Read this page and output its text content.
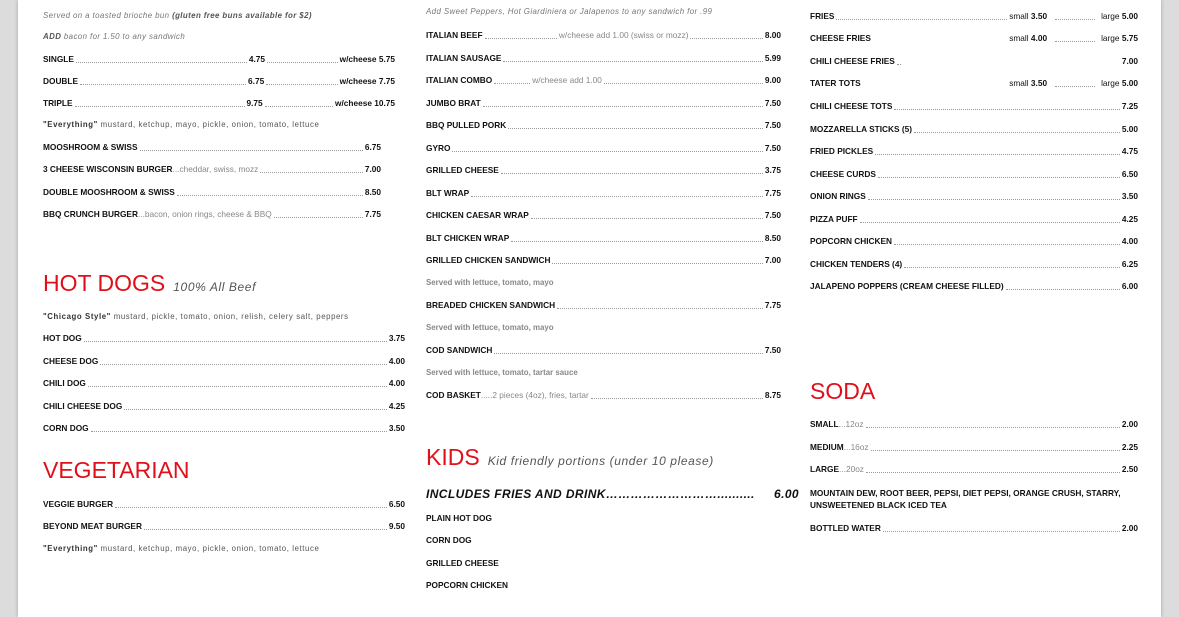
Served on a toasted brioche bun (gluten free buns available for $2)
ADD bacon for 1.50 to any sandwich
SINGLE	4.75	w/cheese 5.75
DOUBLE	6.75	w/cheese 7.75
TRIPLE	9.75	w/cheese 10.75
"Everything" mustard, ketchup, mayo, pickle, onion, tomato, lettuce
MOOSHROOM & SWISS	6.75
3 CHEESE WISCONSIN BURGER ...cheddar, swiss, mozz	7.00
DOUBLE MOOSHROOM & SWISS	8.50
BBQ CRUNCH BURGER ...bacon, onion rings, cheese & BBQ	7.75
HOT DOGS 100% All Beef
"Chicago Style" mustard, pickle, tomato, onion, relish, celery salt, peppers
HOT DOG	3.75
CHEESE DOG	4.00
CHILI DOG	4.00
CHILI CHEESE DOG	4.25
CORN DOG	3.50
VEGETARIAN
VEGGIE BURGER	6.50
BEYOND MEAT BURGER	9.50
"Everything" mustard, ketchup, mayo, pickle, onion, tomato, lettuce
Add Sweet Peppers, Hot Giardiniera or Jalapenos to any sandwich for .99
ITALIAN BEEF	w/cheese add 1.00 (swiss or mozz)	8.00
ITALIAN SAUSAGE	5.99
ITALIAN COMBO	w/cheese add 1.00	9.00
JUMBO BRAT	7.50
BBQ PULLED PORK	7.50
GYRO	7.50
GRILLED CHEESE	3.75
BLT WRAP	7.75
CHICKEN CAESAR WRAP	7.50
BLT CHICKEN WRAP	8.50
GRILLED CHICKEN SANDWICH	7.00
Served with lettuce, tomato, mayo
BREADED CHICKEN SANDWICH	7.75
Served with lettuce, tomato, mayo
COD SANDWICH	7.50
Served with lettuce, tomato, tartar sauce
COD BASKET .....2 pieces (4oz), fries, tartar	8.75
KIDS Kid friendly portions (under 10 please)
INCLUDES FRIES AND DRINK……………………….......... 6.00
PLAIN HOT DOG
CORN DOG
GRILLED CHEESE
POPCORN CHICKEN
FRIES	small 3.50	large 5.00
CHEESE FRIES	small 4.00	large 5.75
CHILI CHEESE FRIES	7.00
TATER TOTS	small 3.50	large 5.00
CHILI CHEESE TOTS	7.25
MOZZARELLA STICKS (5)	5.00
FRIED PICKLES	4.75
CHEESE CURDS	6.50
ONION RINGS	3.50
PIZZA PUFF	4.25
POPCORN CHICKEN	4.00
CHICKEN TENDERS (4)	6.25
JALAPENO POPPERS (CREAM CHEESE FILLED)	6.00
SODA
SMALL ...12oz	2.00
MEDIUM ...16oz	2.25
LARGE ...20oz	2.50
MOUNTAIN DEW, ROOT BEER, PEPSI, DIET PEPSI, ORANGE CRUSH, STARRY, UNSWEETENED BLACK ICED TEA
BOTTLED WATER	2.00
